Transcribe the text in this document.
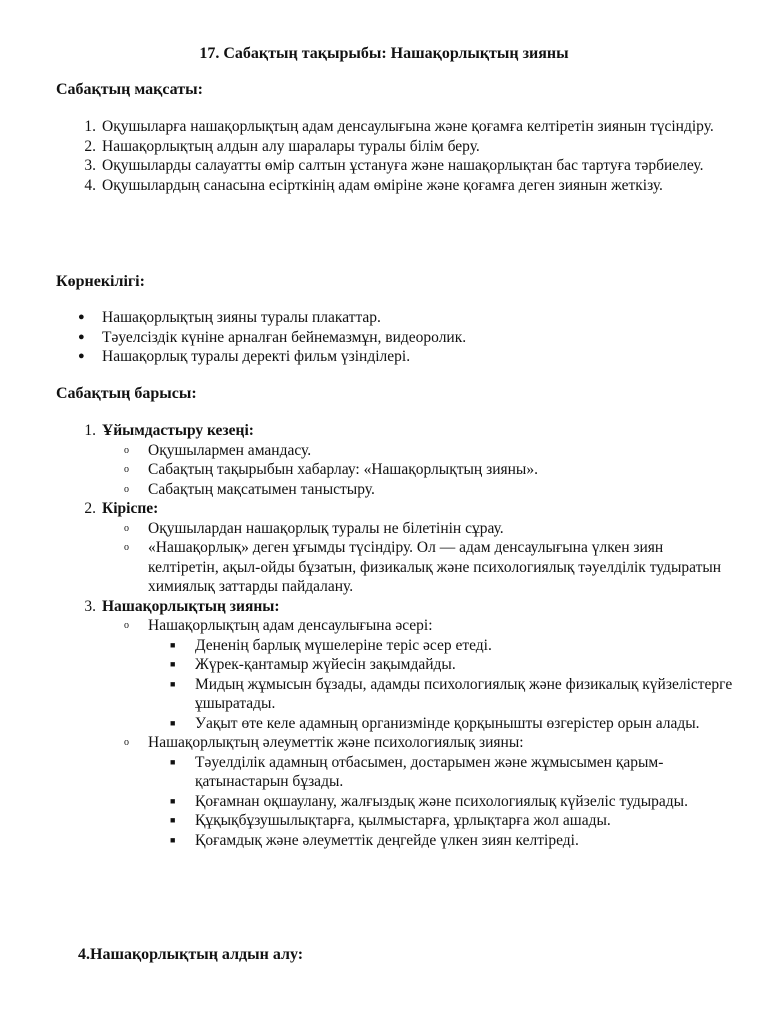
17. Сабақтың тақырыбы: Нашақорлықтың зияны
Сабақтың мақсаты:
1. Оқушыларға нашақорлықтың адам денсаулығына және қоғамға келтіретін зиянын түсіндіру.
2. Нашақорлықтың алдын алу шаралары туралы білім беру.
3. Оқушыларды салауатты өмір салтын ұстануға және нашақорлықтан бас тартуға тәрбиелеу.
4. Оқушылардың санасына есірткінің адам өміріне және қоғамға деген зиянын жеткізу.
Көрнекілігі:
● Нашақорлықтың зияны туралы плакаттар.
● Тәуелсіздік күніне арналған бейнемазмұн, видеоролик.
● Нашақорлық туралы деректі фильм үзінділері.
Сабақтың барысы:
1. Ұйымдастыру кезеңі:
o Оқушылармен амандасу.
o Сабақтың тақырыбын хабарлау: «Нашақорлықтың зияны».
o Сабақтың мақсатымен таныстыру.
2. Кіріспе:
o Оқушылардан нашақорлық туралы не білетінін сұрау.
o «Нашақорлық» деген ұғымды түсіндіру. Ол — адам денсаулығына үлкен зиян келтіретін, ақыл-ойды бұзатын, физикалық және психологиялық тәуелділік тудыратын химиялық заттарды пайдалану.
3. Нашақорлықтың зияны:
o Нашақорлықтың адам денсаулығына әсері:
■ Дененің барлық мүшелеріне теріс әсер етеді.
■ Жүрек-қантамыр жүйесін зақымдайды.
■ Мидың жұмысын бұзады, адамды психологиялық және физикалық күйзелістерге ұшыратады.
■ Уақыт өте келе адамның организмінде қорқынышты өзгерістер орын алады.
o Нашақорлықтың әлеуметтік және психологиялық зияны:
■ Тәуелділік адамның отбасымен, достарымен және жұмысымен қарым-қатынастарын бұзады.
■ Қоғамнан оқшаулану, жалғыздық және психологиялық күйзеліс тудырады.
■ Құқықбұзушылықтарға, қылмыстарға, ұрлықтарға жол ашады.
■ Қоғамдық және әлеуметтік деңгейде үлкен зиян келтіреді.
4.Нашақорлықтың алдын алу:
